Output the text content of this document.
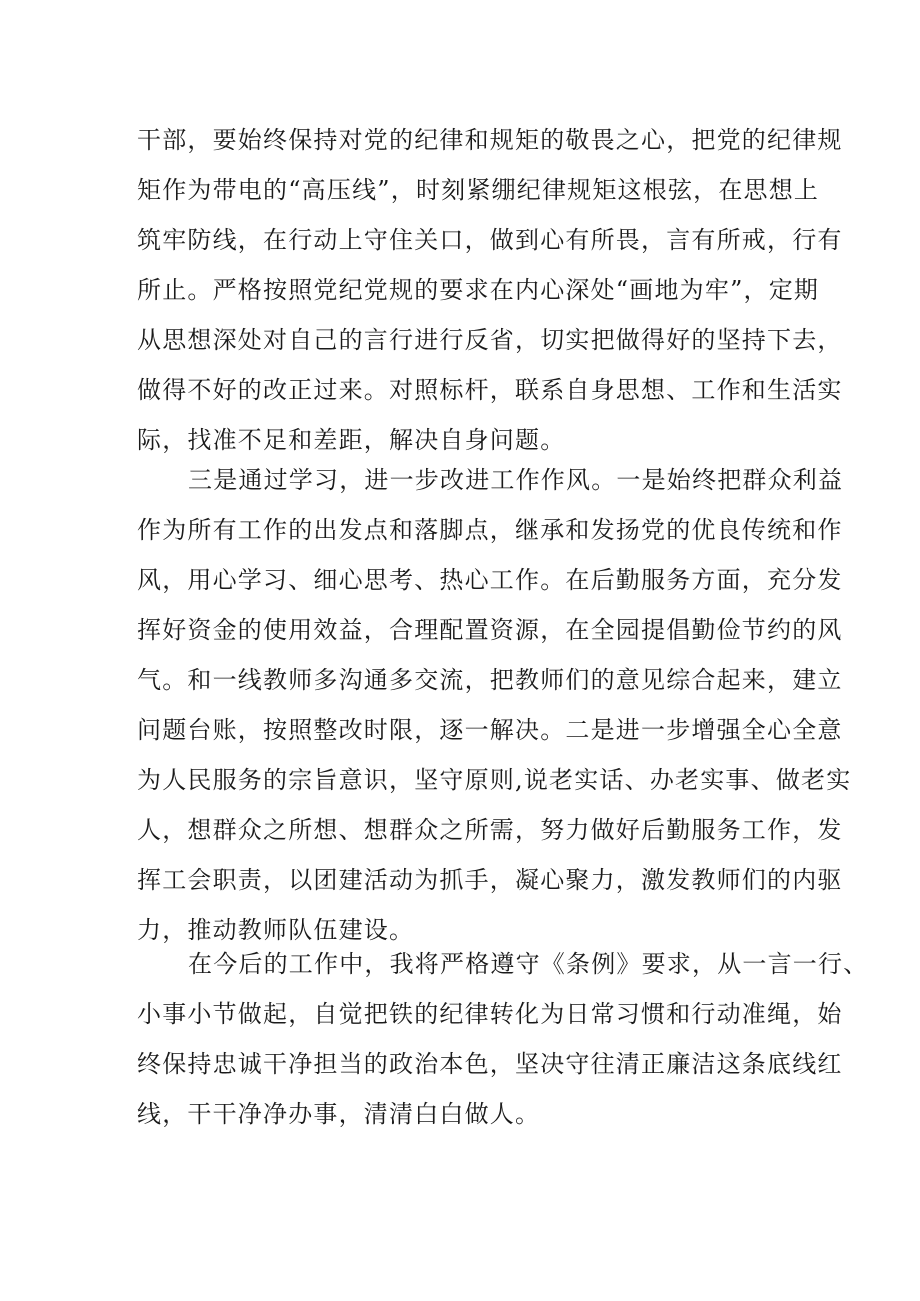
干部，要始终保持对党的纪律和规矩的敬畏之心，把党的纪律规
矩作为带电的“高压线”，时刻紧绷纪律规矩这根弦，在思想上
筑牢防线，在行动上守住关口，做到心有所畏，言有所戒，行有
所止。严格按照党纪党规的要求在内心深处“画地为牢”，定期
从思想深处对自己的言行进行反省，切实把做得好的坚持下去，
做得不好的改正过来。对照标杆，联系自身思想、工作和生活实
际，找准不足和差距，解决自身问题。
三是通过学习，进一步改进工作作风。一是始终把群众利益
作为所有工作的出发点和落脚点，继承和发扬党的优良传统和作
风，用心学习、细心思考、热心工作。在后勤服务方面，充分发
挥好资金的使用效益，合理配置资源，在全园提倡勤俭节约的风
气。和一线教师多沟通多交流，把教师们的意见综合起来，建立
问题台账，按照整改时限，逐一解决。二是进一步增强全心全意
为人民服务的宗旨意识，坚守原则,说老实话、办老实事、做老实
人，想群众之所想、想群众之所需，努力做好后勤服务工作，发
挥工会职责，以团建活动为抓手，凝心聚力，激发教师们的内驱
力，推动教师队伍建设。
在今后的工作中，我将严格遵守《条例》要求，从一言一行、
小事小节做起，自觉把铁的纪律转化为日常习惯和行动准绳，始
终保持忠诚干净担当的政治本色，坚决守往清正廉洁这条底线红
线，干干净净办事，清清白白做人。
